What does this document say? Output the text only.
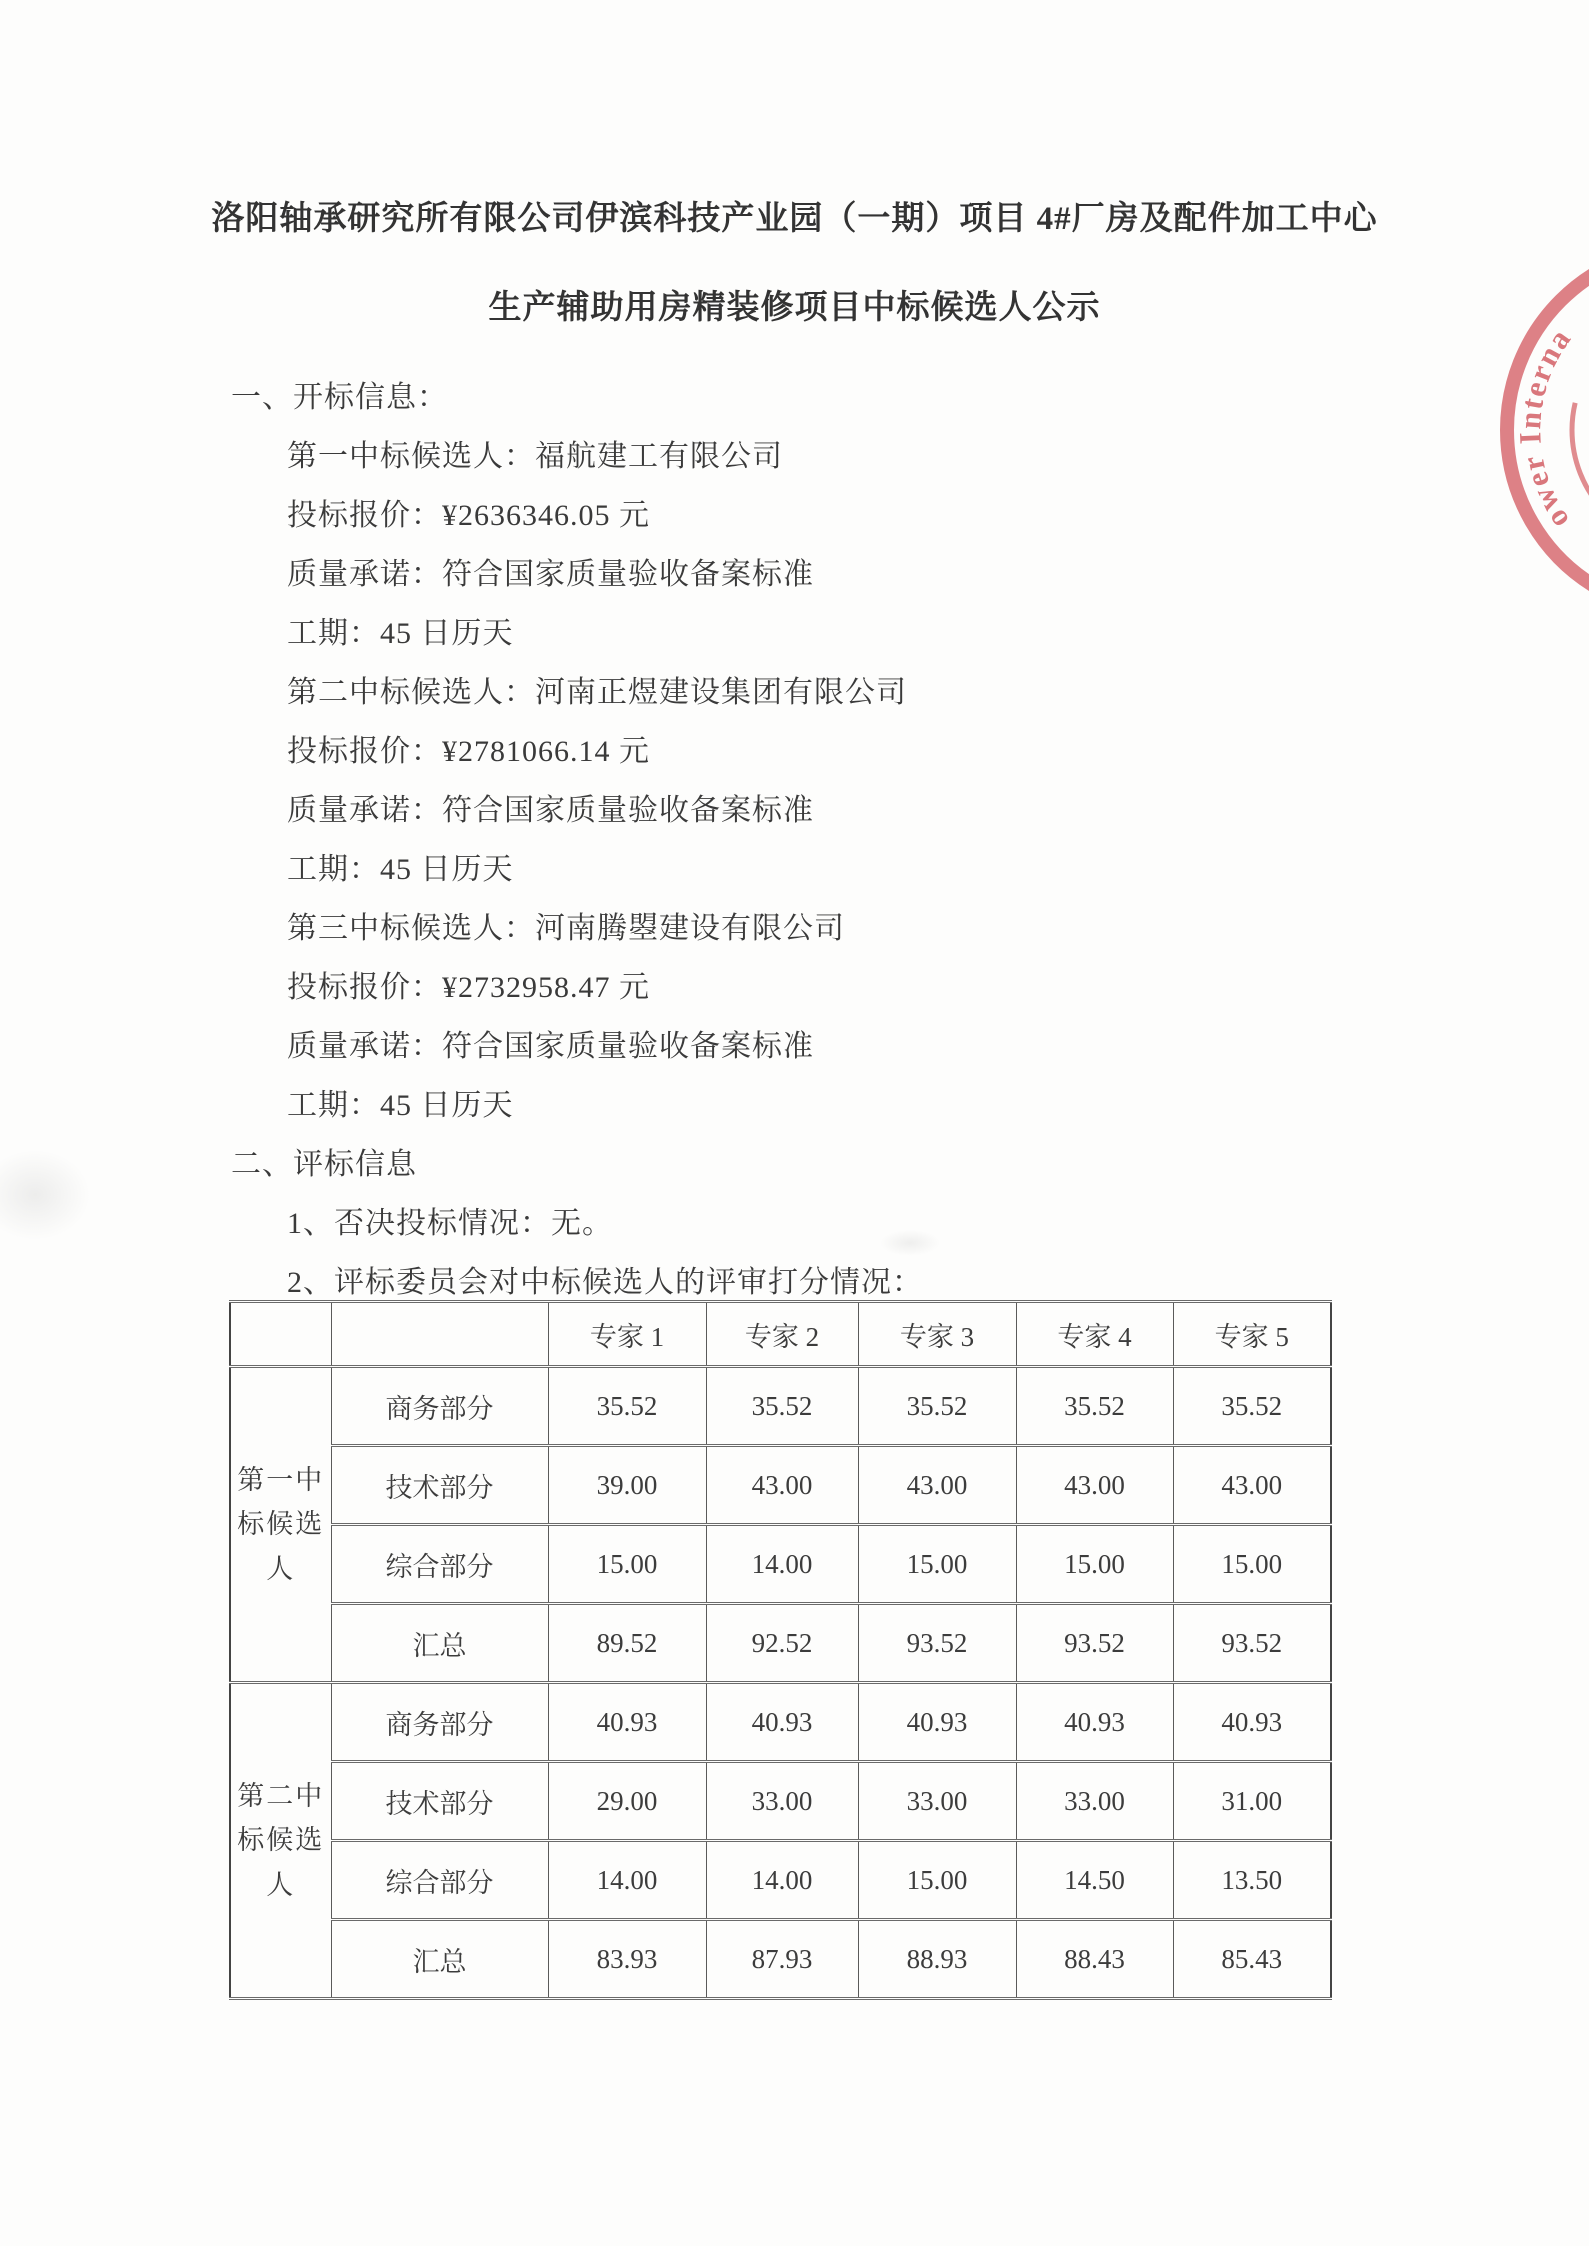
洛阳轴承研究所有限公司伊滨科技产业园（一期）项目 4#厂房及配件加工中心
生产辅助用房精装修项目中标候选人公示
一、开标信息：
第一中标候选人：福航建工有限公司
投标报价：¥2636346.05 元
质量承诺：符合国家质量验收备案标准
工期：45 日历天
第二中标候选人：河南正煜建设集团有限公司
投标报价：¥2781066.14 元
质量承诺：符合国家质量验收备案标准
工期：45 日历天
第三中标候选人：河南腾曌建设有限公司
投标报价：¥2732958.47 元
质量承诺：符合国家质量验收备案标准
工期：45 日历天
二、评标信息
1、否决投标情况：无。
2、评标委员会对中标候选人的评审打分情况：
		专家 1	专家 2	专家 3	专家 4	专家 5
第一中标候选人	商务部分	35.52	35.52	35.52	35.52	35.52
	技术部分	39.00	43.00	43.00	43.00	43.00
	综合部分	15.00	14.00	15.00	15.00	15.00
	汇总	89.52	92.52	93.52	93.52	93.52
第二中标候选人	商务部分	40.93	40.93	40.93	40.93	40.93
	技术部分	29.00	33.00	33.00	33.00	31.00
	综合部分	14.00	14.00	15.00	14.50	13.50
	汇总	83.93	87.93	88.93	88.43	85.43
ower Interna
